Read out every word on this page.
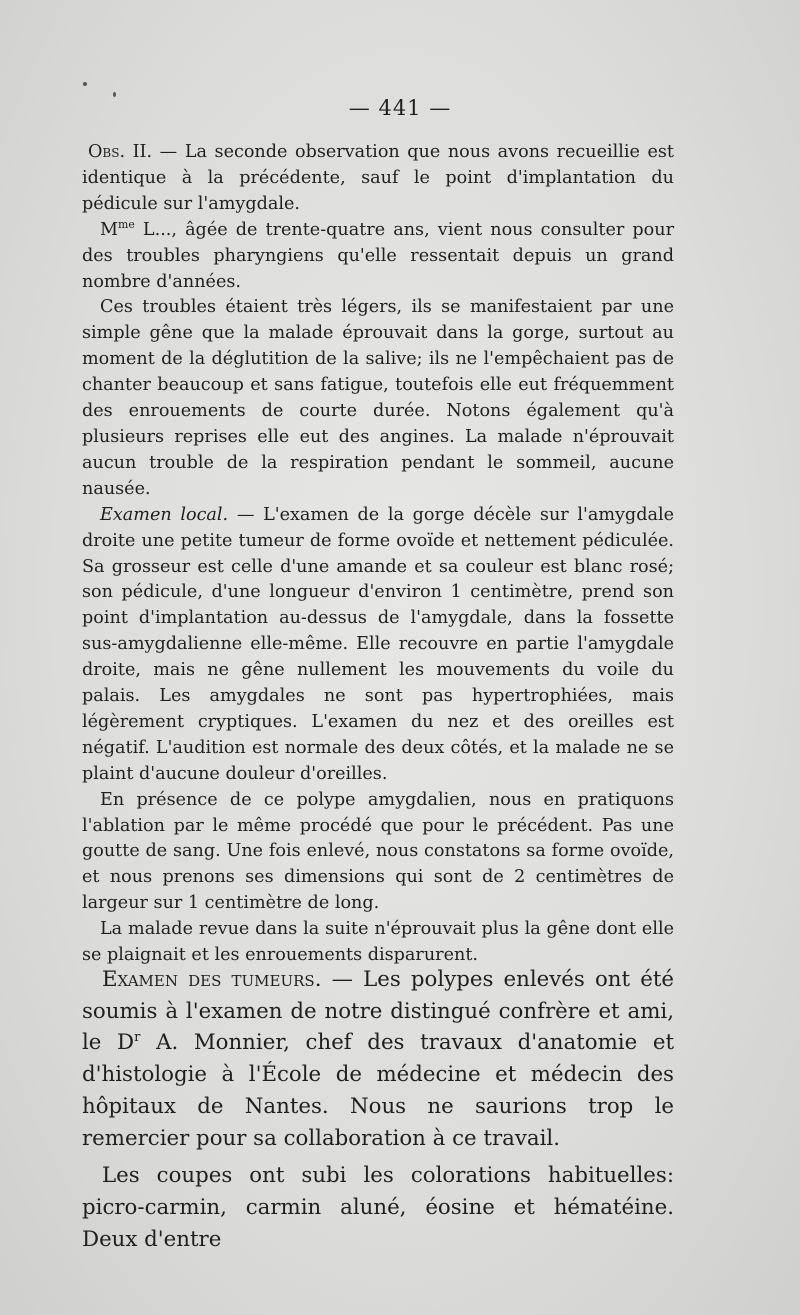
— 441 —

Obs. II. — La seconde observation que nous avons recueillie est identique à la précédente, sauf le point d'implantation du pédicule sur l'amygdale.

$M^{me}$ L..., âgée de trente-quatre ans, vient nous consulter pour des troubles pharyngiens qu'elle ressentait depuis un grand nombre d'années.

Ces troubles étaient très légers, ils se manifestaient par une simple gêne que la malade éprouvait dans la gorge, surtout au moment de la déglutition de la salive; ils ne l'empêchaient pas de chanter beaucoup et sans fatigue, toutefois elle eut fréquemment des enrouements de courte durée. Notons également qu'à plusieurs reprises elle eut des angines. La malade n'éprouvait aucun trouble de la respiration pendant le sommeil, aucune nausée.

Examen local. — L'examen de la gorge décèle sur l'amygdale droite une petite tumeur de forme ovoïde et nettement pédiculée. Sa grosseur est celle d'une amande et sa couleur est blanc rosé; son pédicule, d'une longueur d'environ 1 centimètre, prend son point d'implantation au-dessus de l'amygdale, dans la fossette sus-amygdalienne elle-même. Elle recouvre en partie l'amygdale droite, mais ne gêne nullement les mouvements du voile du palais. Les amygdales ne sont pas hypertrophiées, mais légèrement cryptiques. L'examen du nez et des oreilles est négatif. L'audition est normale des deux côtés, et la malade ne se plaint d'aucune douleur d'oreilles.

En présence de ce polype amygdalien, nous en pratiquons l'ablation par le même procédé que pour le précédent. Pas une goutte de sang. Une fois enlevé, nous constatons sa forme ovoïde, et nous prenons ses dimensions qui sont de 2 centimètres de largeur sur 1 centimètre de long.

La malade revue dans la suite n'éprouvait plus la gêne dont elle se plaignait et les enrouements disparurent.

Examen des tumeurs. — Les polypes enlevés ont été soumis à l'examen de notre distingué confrère et ami, le $D^r$ A. Monnier, chef des travaux d'anatomie et d'histologie à l'École de médecine et médecin des hôpitaux de Nantes. Nous ne saurions trop le remercier pour sa collaboration à ce travail.

Les coupes ont subi les colorations habituelles: picro-carmin, carmin aluné, éosine et hématéine. Deux d'entre
